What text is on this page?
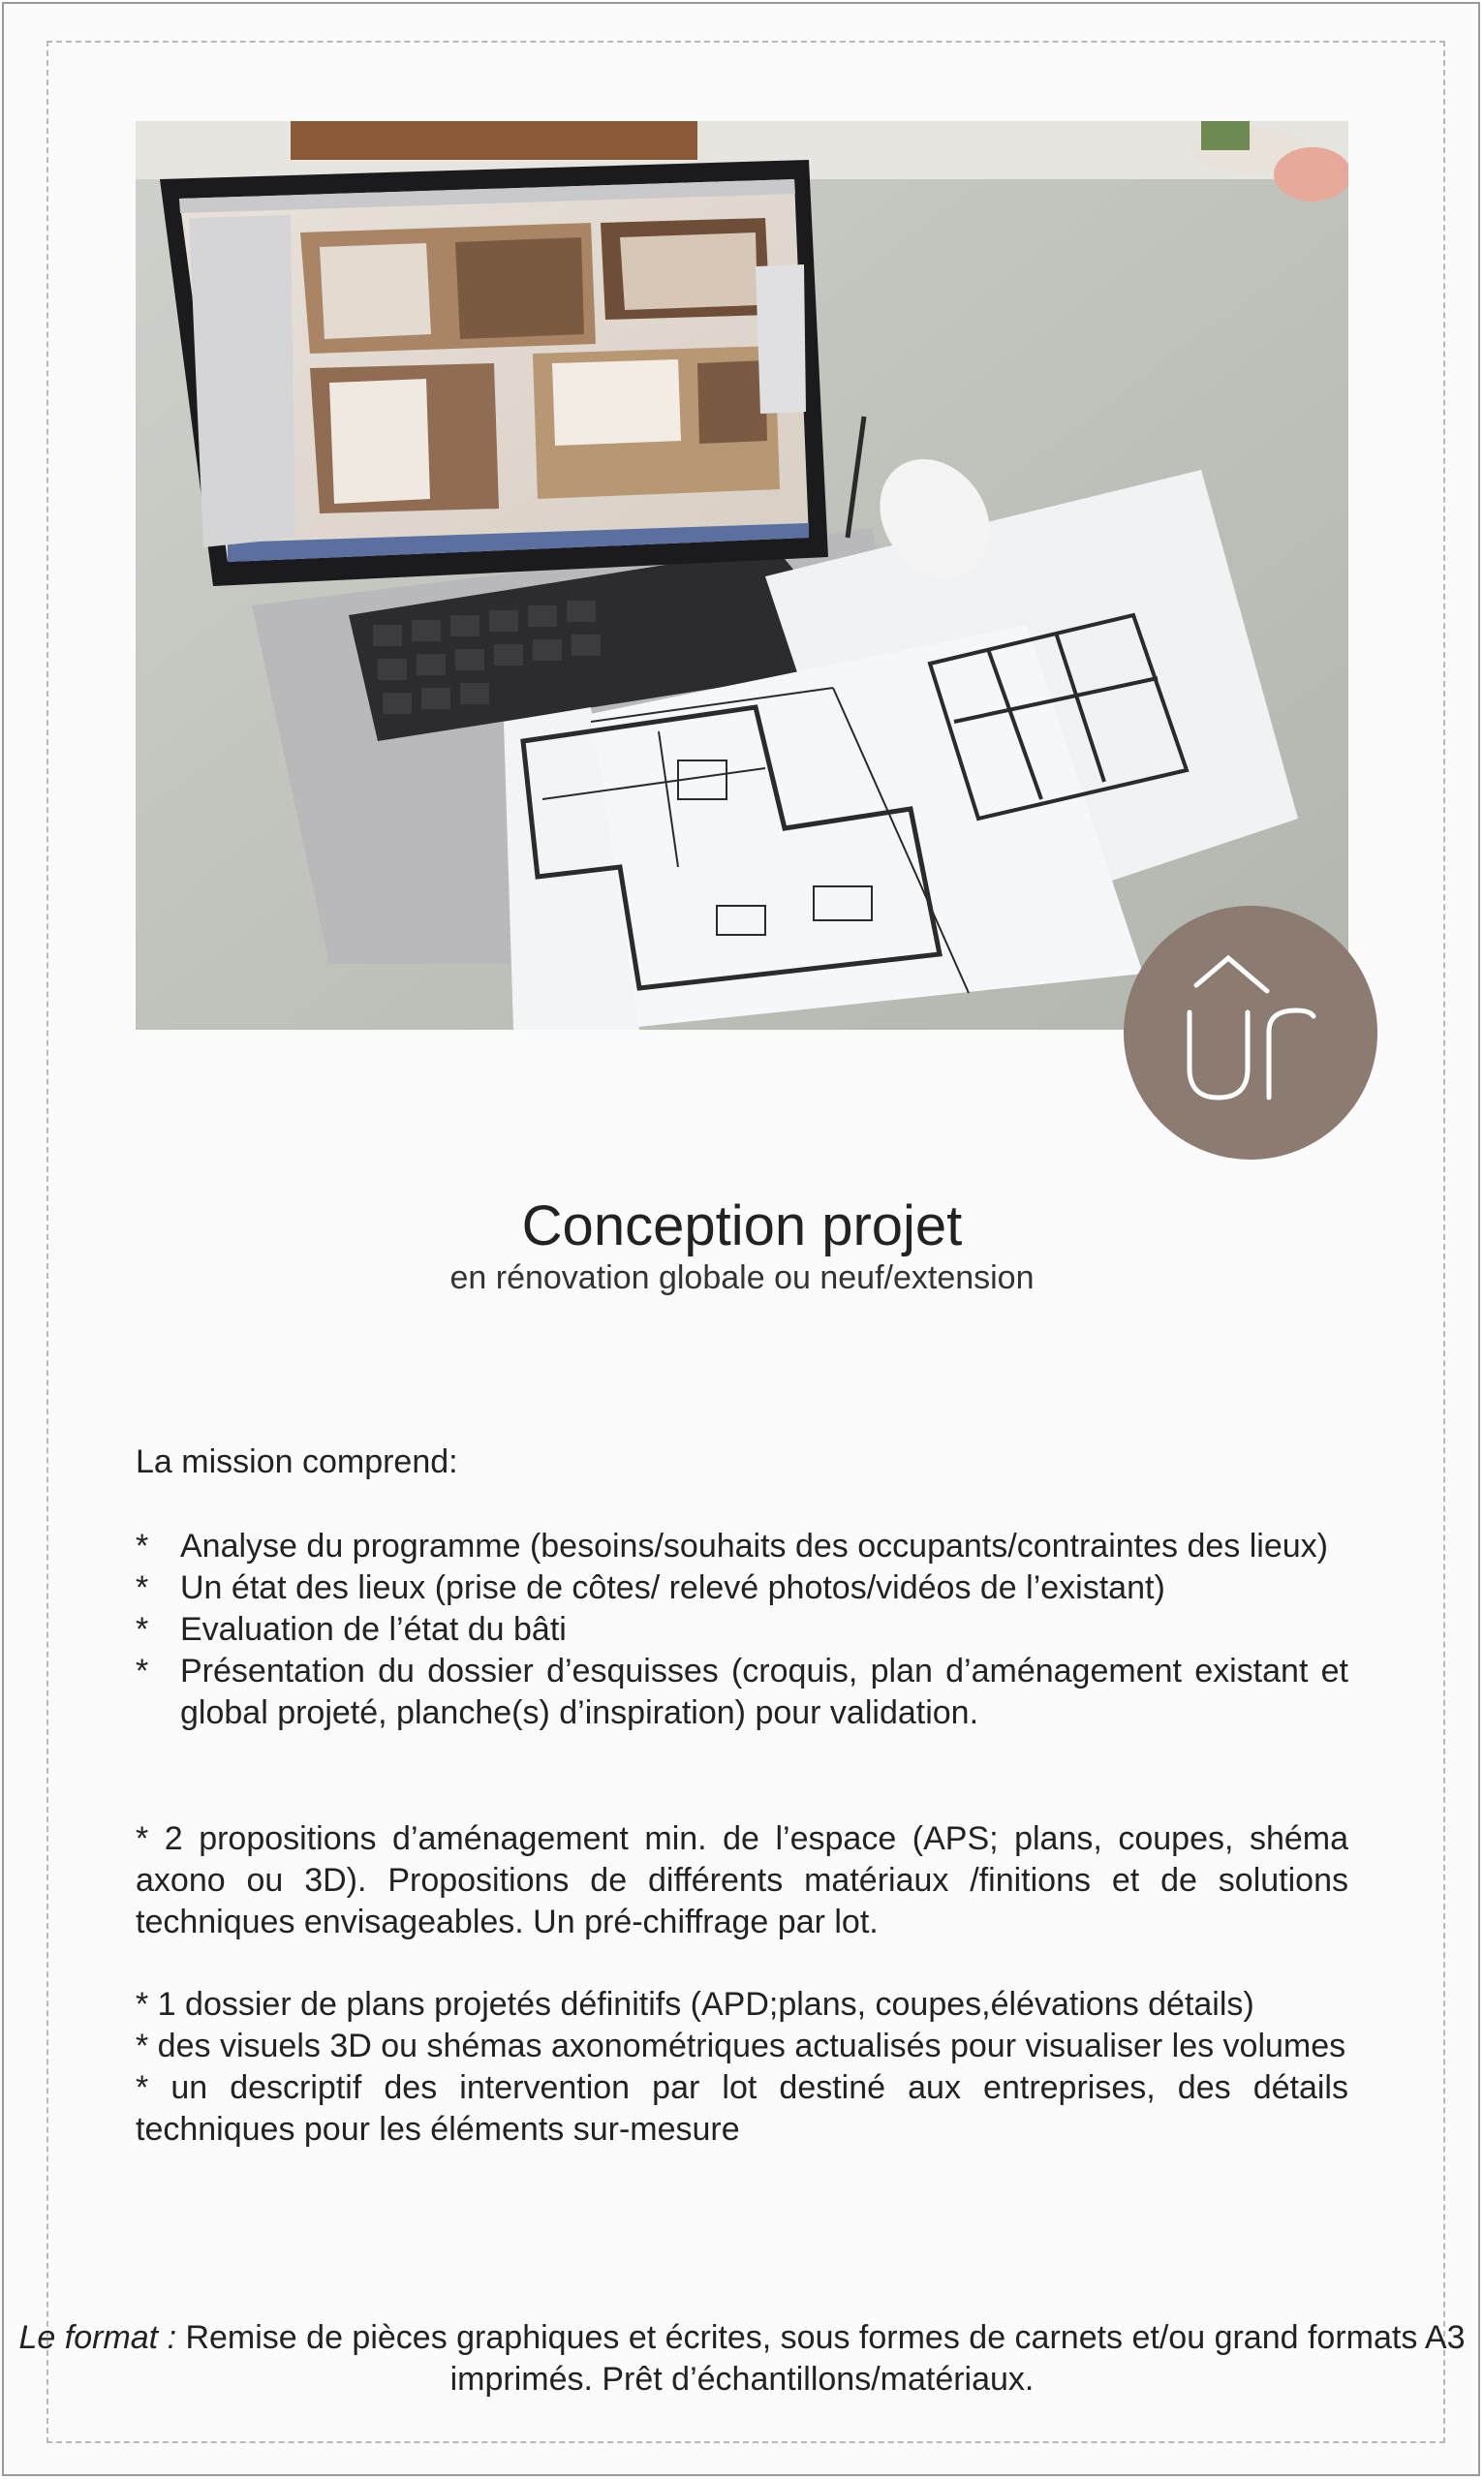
Conception projet
en rénovation globale ou neuf/extension
La mission comprend:
* Analyse du programme (besoins/souhaits des occupants/contraintes des lieux)
* Un état des lieux (prise de côtes/ relevé photos/vidéos de l’existant)
* Evaluation de l’état du bâti
* Présentation du dossier d’esquisses (croquis, plan d’aménagement existant et global projeté, planche(s) d’inspiration) pour validation.
* 2 propositions d’aménagement min. de l’espace (APS; plans, coupes, shéma axono ou 3D). Propositions de différents matériaux /finitions et de solutions techniques envisageables. Un pré-chiffrage par lot.
* 1 dossier de plans projetés définitifs (APD;plans, coupes,élévations détails)
* des visuels 3D ou shémas axonométriques actualisés pour visualiser les volumes
* un descriptif des intervention par lot destiné aux entreprises, des détails techniques pour les éléments sur-mesure
Le format : Remise de pièces graphiques et écrites, sous formes de carnets et/ou grand formats A3 imprimés. Prêt d’échantillons/matériaux.
